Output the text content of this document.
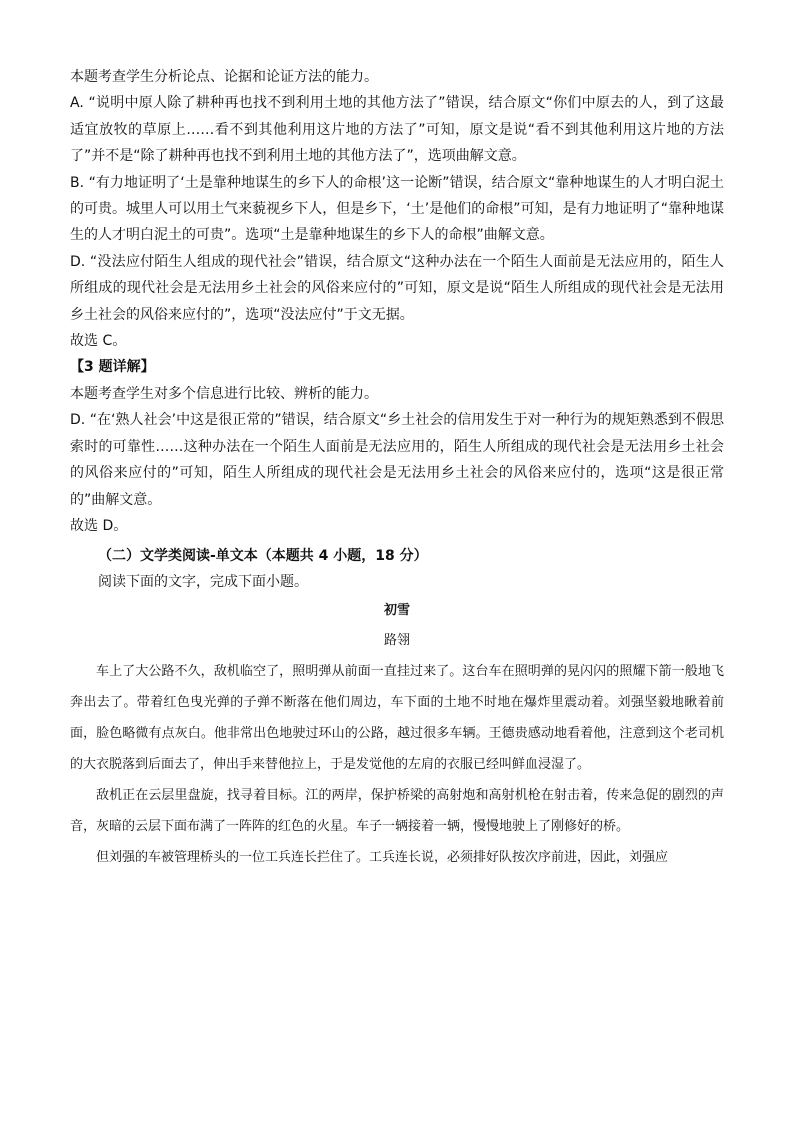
本题考查学生分析论点、论据和论证方法的能力。

A. “说明中原人除了耕种再也找不到利用土地的其他方法了”错误，结合原文“你们中原去的人，到了这最适宜放牧的草原上……看不到其他利用这片地的方法了”可知，原文是说“看不到其他利用这片地的方法了”并不是“除了耕种再也找不到利用土地的其他方法了”，选项曲解文意。

B. “有力地证明了‘土是靠种地谋生的乡下人的命根’这一论断”错误，结合原文“靠种地谋生的人才明白泥土的可贵。城里人可以用土气来藐视乡下人，但是乡下，‘土’是他们的命根”可知，是有力地证明了“靠种地谋生的人才明白泥土的可贵”。选项“土是靠种地谋生的乡下人的命根”曲解文意。

D. “没法应付陌生人组成的现代社会”错误，结合原文“这种办法在一个陌生人面前是无法应用的，陌生人所组成的现代社会是无法用乡土社会的风俗来应付的”可知，原文是说“陌生人所组成的现代社会是无法用乡土社会的风俗来应付的”，选项“没法应付”于文无据。

故选 C。

【3 题详解】

本题考查学生对多个信息进行比较、辨析的能力。

D. “在‘熟人社会’中这是很正常的”错误，结合原文“乡土社会的信用发生于对一种行为的规矩熟悉到不假思索时的可靠性……这种办法在一个陌生人面前是无法应用的，陌生人所组成的现代社会是无法用乡土社会的风俗来应付的”可知，陌生人所组成的现代社会是无法用乡土社会的风俗来应付的，选项“这是很正常的”曲解文意。

故选 D。

（二）文学类阅读-单文本（本题共 4 小题，18 分）

阅读下面的文字，完成下面小题。

初雪

路翎

车上了大公路不久，敌机临空了，照明弹从前面一直挂过来了。这台车在照明弹的晃闪闪的照耀下箭一般地飞奔出去了。带着红色曳光弹的子弹不断落在他们周边，车下面的土地不时地在爆炸里震动着。刘强坚毅地瞅着前面，脸色略微有点灰白。他非常出色地驶过环山的公路，越过很多车辆。王德贵感动地看着他，注意到这个老司机的大衣脱落到后面去了，伸出手来替他拉上，于是发觉他的左肩的衣服已经叫鲜血浸湿了。

敌机正在云层里盘旋，找寻着目标。江的两岸，保护桥梁的高射炮和高射机枪在射击着，传来急促的剧烈的声音，灰暗的云层下面布满了一阵阵的红色的火星。车子一辆接着一辆，慢慢地驶上了刚修好的桥。

但刘强的车被管理桥头的一位工兵连长拦住了。工兵连长说，必须排好队按次序前进，因此，刘强应
